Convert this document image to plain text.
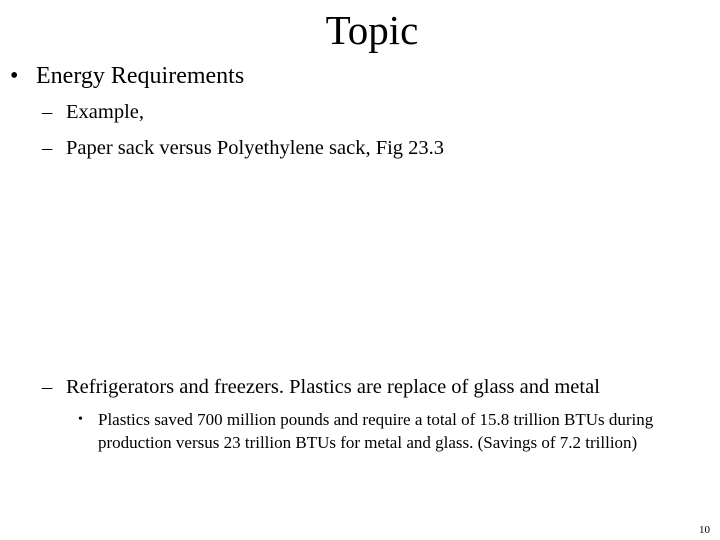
Topic
• Energy Requirements
– Example,
– Paper sack versus Polyethylene sack, Fig 23.3
– Refrigerators and freezers. Plastics are replace of glass and metal
• Plastics saved 700 million pounds and require a total of 15.8 trillion BTUs during production versus 23 trillion BTUs for metal and glass. (Savings of 7.2 trillion)
10
